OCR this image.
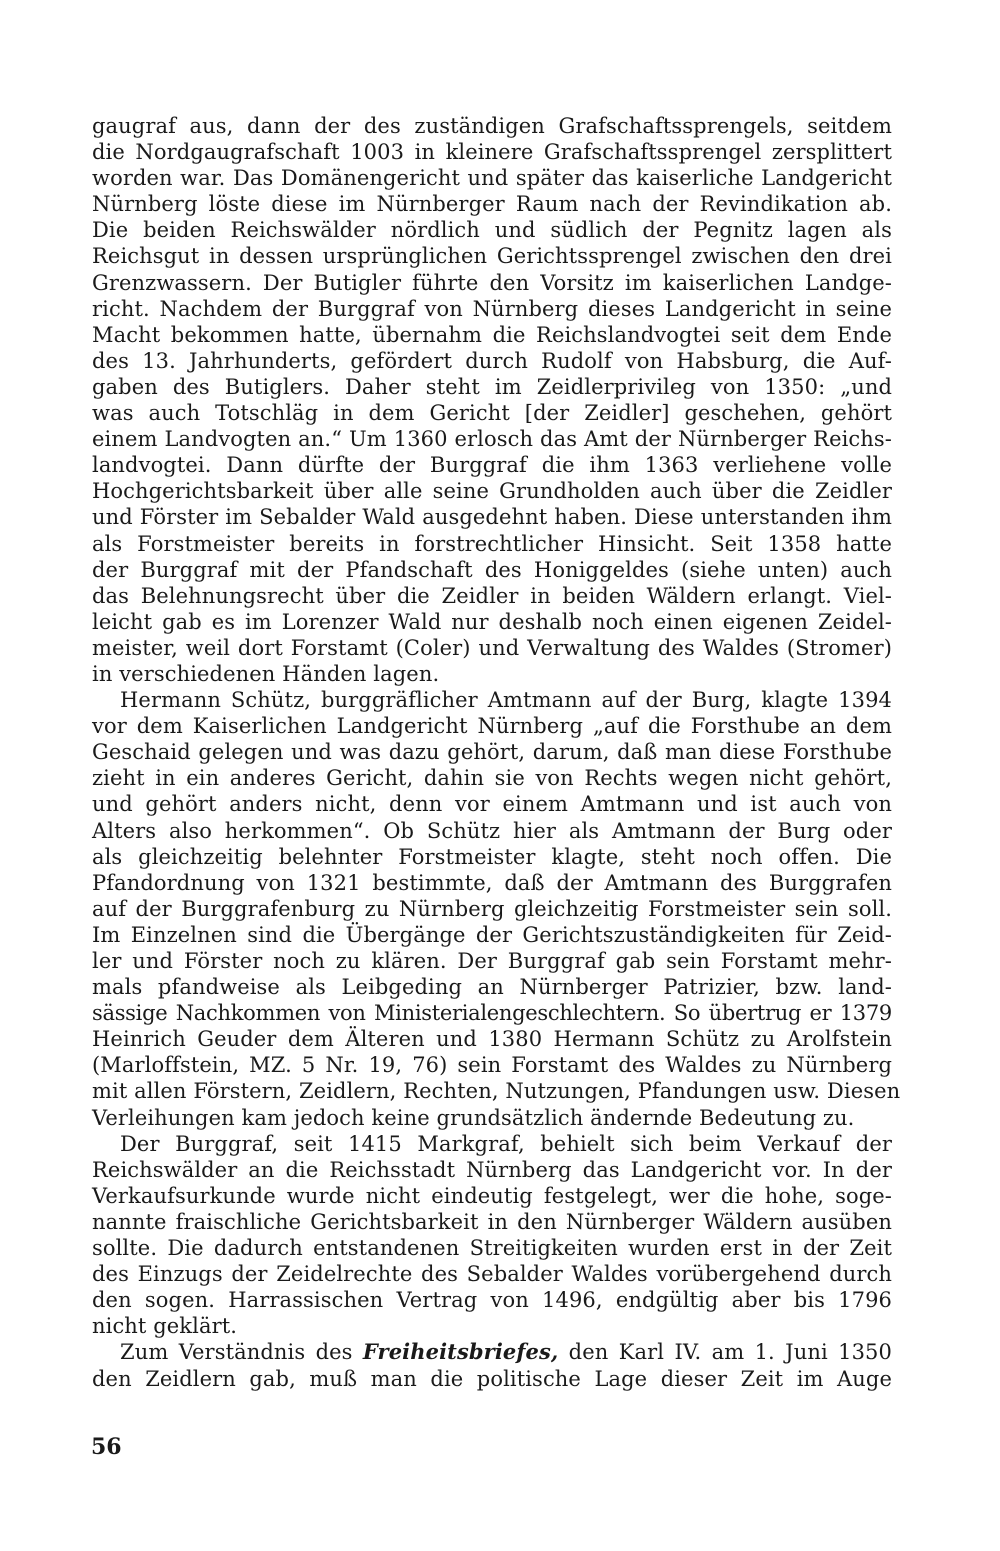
gaugraf aus, dann der des zuständigen Grafschaftssprengels, seitdem
die Nordgaugrafschaft 1003 in kleinere Grafschaftssprengel zersplittert
worden war. Das Domänengericht und später das kaiserliche Landgericht
Nürnberg löste diese im Nürnberger Raum nach der Revindikation ab.
Die beiden Reichswälder nördlich und südlich der Pegnitz lagen als
Reichsgut in dessen ursprünglichen Gerichtssprengel zwischen den drei
Grenzwassern. Der Butigler führte den Vorsitz im kaiserlichen Landge-
richt. Nachdem der Burggraf von Nürnberg dieses Landgericht in seine
Macht bekommen hatte, übernahm die Reichslandvogtei seit dem Ende
des 13. Jahrhunderts, gefördert durch Rudolf von Habsburg, die Auf-
gaben des Butiglers. Daher steht im Zeidlerprivileg von 1350: „und
was auch Totschläg in dem Gericht [der Zeidler] geschehen, gehört
einem Landvogten an.“ Um 1360 erlosch das Amt der Nürnberger Reichs-
landvogtei. Dann dürfte der Burggraf die ihm 1363 verliehene volle
Hochgerichtsbarkeit über alle seine Grundholden auch über die Zeidler
und Förster im Sebalder Wald ausgedehnt haben. Diese unterstanden ihm
als Forstmeister bereits in forstrechtlicher Hinsicht. Seit 1358 hatte
der Burggraf mit der Pfandschaft des Honiggeldes (siehe unten) auch
das Belehnungsrecht über die Zeidler in beiden Wäldern erlangt. Viel-
leicht gab es im Lorenzer Wald nur deshalb noch einen eigenen Zeidel-
meister, weil dort Forstamt (Coler) und Verwaltung des Waldes (Stromer)
in verschiedenen Händen lagen.

Hermann Schütz, burggräflicher Amtmann auf der Burg, klagte 1394
vor dem Kaiserlichen Landgericht Nürnberg „auf die Forsthube an dem
Geschaid gelegen und was dazu gehört, darum, daß man diese Forsthube
zieht in ein anderes Gericht, dahin sie von Rechts wegen nicht gehört,
und gehört anders nicht, denn vor einem Amtmann und ist auch von
Alters also herkommen“. Ob Schütz hier als Amtmann der Burg oder
als gleichzeitig belehnter Forstmeister klagte, steht noch offen. Die
Pfandordnung von 1321 bestimmte, daß der Amtmann des Burggrafen
auf der Burggrafenburg zu Nürnberg gleichzeitig Forstmeister sein soll.
Im Einzelnen sind die Übergänge der Gerichtszuständigkeiten für Zeid-
ler und Förster noch zu klären. Der Burggraf gab sein Forstamt mehr-
mals pfandweise als Leibgeding an Nürnberger Patrizier, bzw. land-
sässige Nachkommen von Ministerialengeschlechtern. So übertrug er 1379
Heinrich Geuder dem Älteren und 1380 Hermann Schütz zu Arolfstein
(Marloffstein, MZ. 5 Nr. 19, 76) sein Forstamt des Waldes zu Nürnberg
mit allen Förstern, Zeidlern, Rechten, Nutzungen, Pfandungen usw. Diesen
Verleihungen kam jedoch keine grundsätzlich ändernde Bedeutung zu.

Der Burggraf, seit 1415 Markgraf, behielt sich beim Verkauf der
Reichswälder an die Reichsstadt Nürnberg das Landgericht vor. In der
Verkaufsurkunde wurde nicht eindeutig festgelegt, wer die hohe, soge-
nannte fraischliche Gerichtsbarkeit in den Nürnberger Wäldern ausüben
sollte. Die dadurch entstandenen Streitigkeiten wurden erst in der Zeit
des Einzugs der Zeidelrechte des Sebalder Waldes vorübergehend durch
den sogen. Harrassischen Vertrag von 1496, endgültig aber bis 1796
nicht geklärt.

Zum Verständnis des Freiheitsbriefes, den Karl IV. am 1. Juni 1350
den Zeidlern gab, muß man die politische Lage dieser Zeit im Auge

56
